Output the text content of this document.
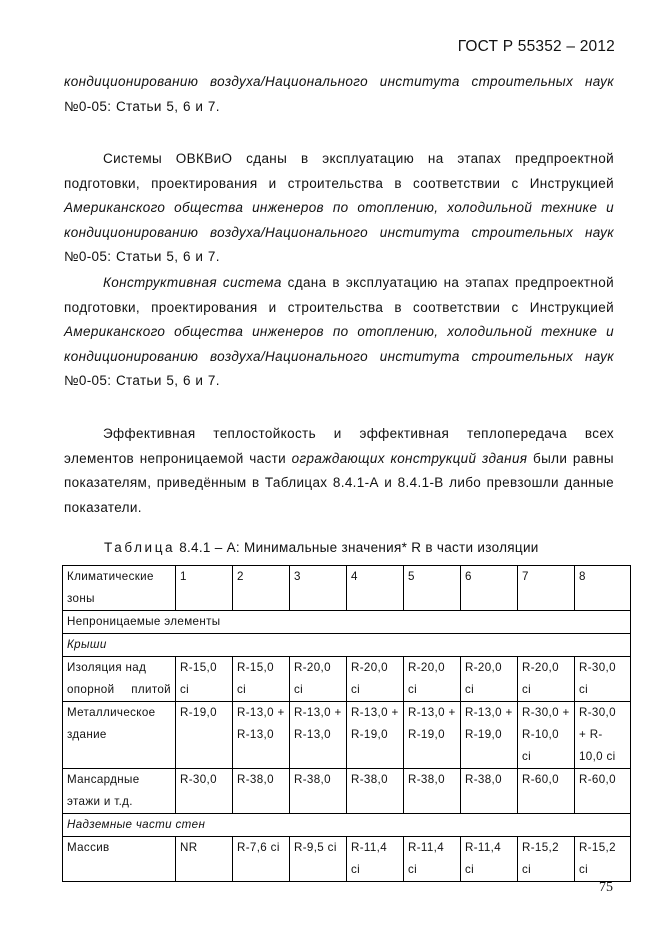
ГОСТ Р 55352 – 2012

кондиционированию воздуха/Национального института строительных наук

№0-05: Статьи 5, 6 и 7.

Системы ОВКВиО сданы в эксплуатацию на этапах предпроектной подготовки, проектирования и строительства в соответствии с Инструкцией Американского общества инженеров по отоплению, холодильной технике и кондиционированию воздуха/Национального института строительных наук №0-05: Статьи 5, 6 и 7.

Конструктивная система сдана в эксплуатацию на этапах предпроектной подготовки, проектирования и строительства в соответствии с Инструкцией Американского общества инженеров по отоплению, холодильной технике и кондиционированию воздуха/Национального института строительных наук №0-05: Статьи 5, 6 и 7.

Эффективная теплостойкость и эффективная теплопередача всех элементов непроницаемой части ограждающих конструкций здания были равны показателям, приведённым в Таблицах 8.4.1-А и 8.4.1-В либо превзошли данные показатели.

Таблица 8.4.1 – А: Минимальные значения* R в части изоляции
Климатические зоны	1	2	3	4	5	6	7	8
Непроницаемые элементы								
Крыши								
Изоляция над опорной плитой	R-15,0 ci	R-15,0 ci	R-20,0 ci	R-20,0 ci	R-20,0 ci	R-20,0 ci	R-20,0 ci	R-30,0 ci
Металлическое здание	R-19,0	R-13,0 + R-13,0	R-13,0 + R-13,0	R-13,0 + R-19,0	R-13,0 + R-19,0	R-13,0 + R-19,0	R-30,0 + R-10,0 ci	R-30,0 + R-10,0 ci
Мансардные этажи и т.д.	R-30,0	R-38,0	R-38,0	R-38,0	R-38,0	R-38,0	R-60,0	R-60,0
Надземные части стен								
Массив	NR	R-7,6 ci	R-9,5 ci	R-11,4 ci	R-11,4 ci	R-11,4 ci	R-15,2 ci	R-15,2 ci
75
